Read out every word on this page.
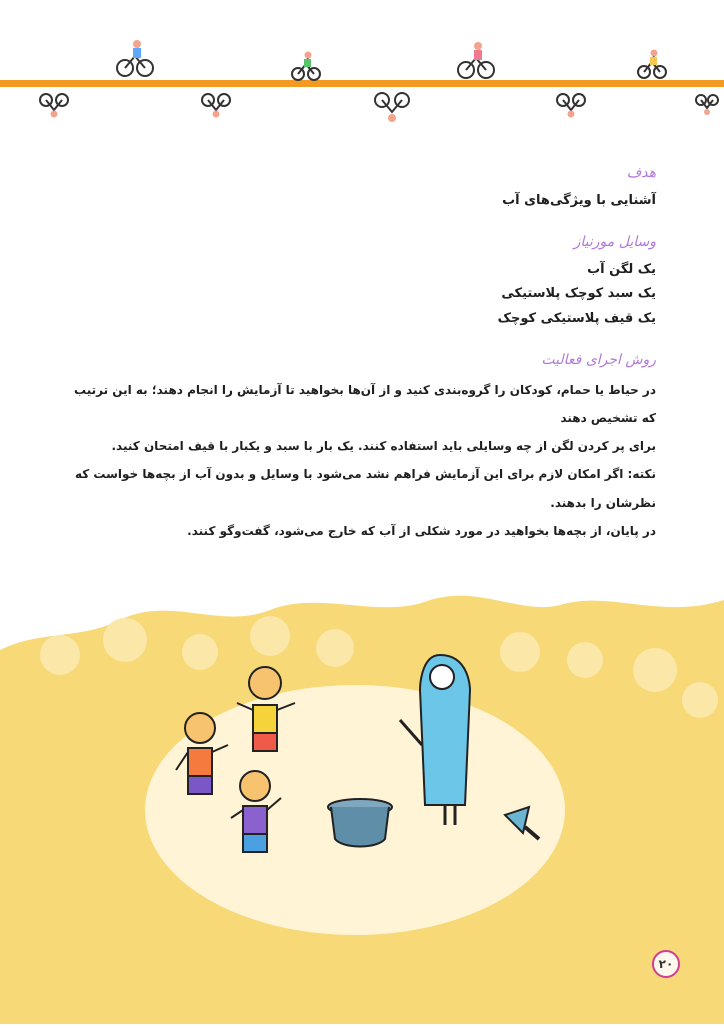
هدف
آشنایی با ویژگی‌های آب
وسایل مورنیاز
یک لگن آب
یک سبد کوچک پلاستیکی
یک قیف پلاستیکی کوچک
روش اجرای فعالیت
در حیاط یا حمام، کودکان را گروه‌بندی کنید و از آن‌ها بخواهید تا آزمایش را انجام دهند؛ به این ترتیب که تشخیص دهند
برای پر کردن لگن از چه وسایلی باید استفاده کنند. یک بار با سبد و یکبار با قیف امتحان کنید.
نکته: اگر امکان لازم برای این آزمایش فراهم نشد می‌شود با وسایل و بدون آب از بچه‌ها خواست که نظرشان را بدهند.
در پایان، از بچه‌ها بخواهید در مورد شکلی از آب که خارج می‌شود، گفت‌وگو کنند.
۲۰
